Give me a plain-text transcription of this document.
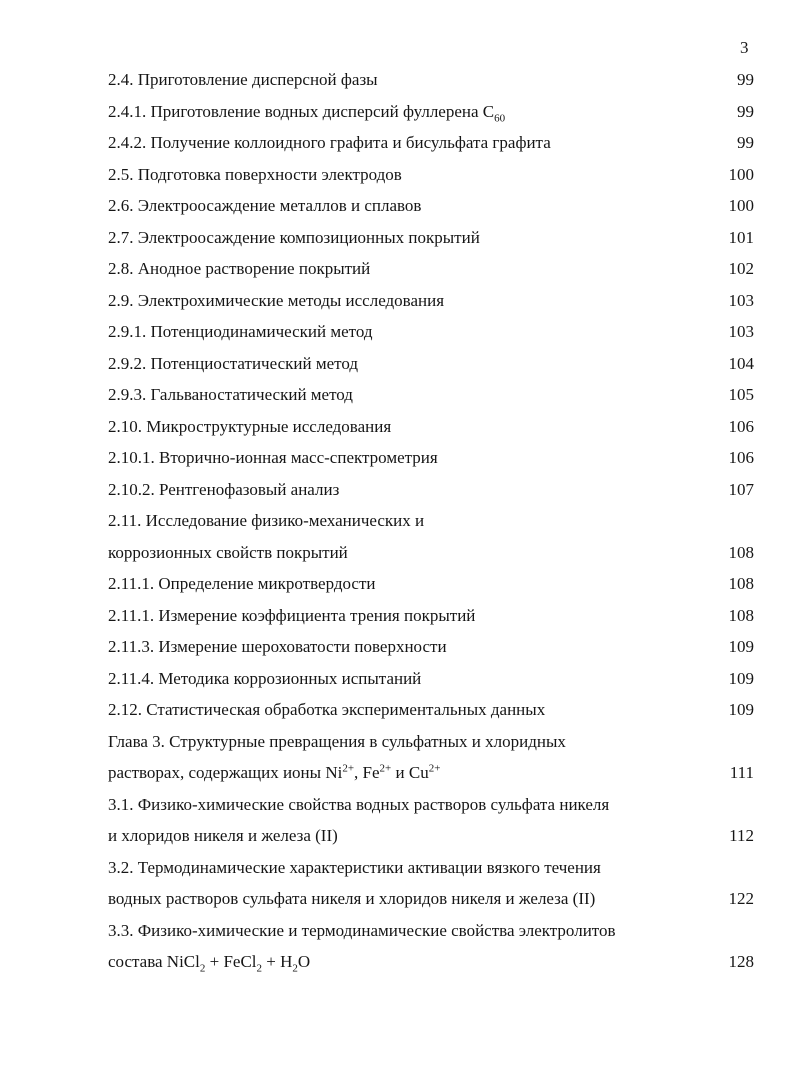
3
2.4. Приготовление дисперсной фазы	99
2.4.1. Приготовление водных дисперсий фуллерена $С_{60}$	99
2.4.2. Получение коллоидного графита и бисульфата графита	99
2.5. Подготовка поверхности электродов	100
2.6. Электроосаждение металлов и сплавов	100
2.7. Электроосаждение композиционных покрытий	101
2.8. Анодное растворение покрытий	102
2.9. Электрохимические методы исследования	103
2.9.1. Потенциодинамический метод	103
2.9.2. Потенциостатический метод	104
2.9.3. Гальваностатический метод	105
2.10. Микроструктурные исследования	106
2.10.1. Вторично-ионная масс-спектрометрия	106
2.10.2. Рентгенофазовый анализ	107
2.11. Исследование физико-механических и
коррозионных свойств покрытий	108
2.11.1. Определение микротвердости	108
2.11.1. Измерение коэффициента трения покрытий	108
2.11.3. Измерение шероховатости поверхности	109
2.11.4. Методика коррозионных испытаний	109
2.12. Статистическая обработка экспериментальных данных	109
Глава 3. Структурные превращения в сульфатных и хлоридных
растворах, содержащих ионы $Ni^{2+}$, $Fe^{2+}$ и $Cu^{2+}$	111
3.1. Физико-химические свойства водных растворов сульфата никеля
и хлоридов никеля и железа (II)	112
3.2. Термодинамические характеристики активации вязкого течения
водных растворов сульфата никеля и хлоридов никеля и железа (II)	122
3.3. Физико-химические и термодинамические свойства электролитов
состава NiCl$_2$ + FeCl$_2$ + $H_2O$	128
